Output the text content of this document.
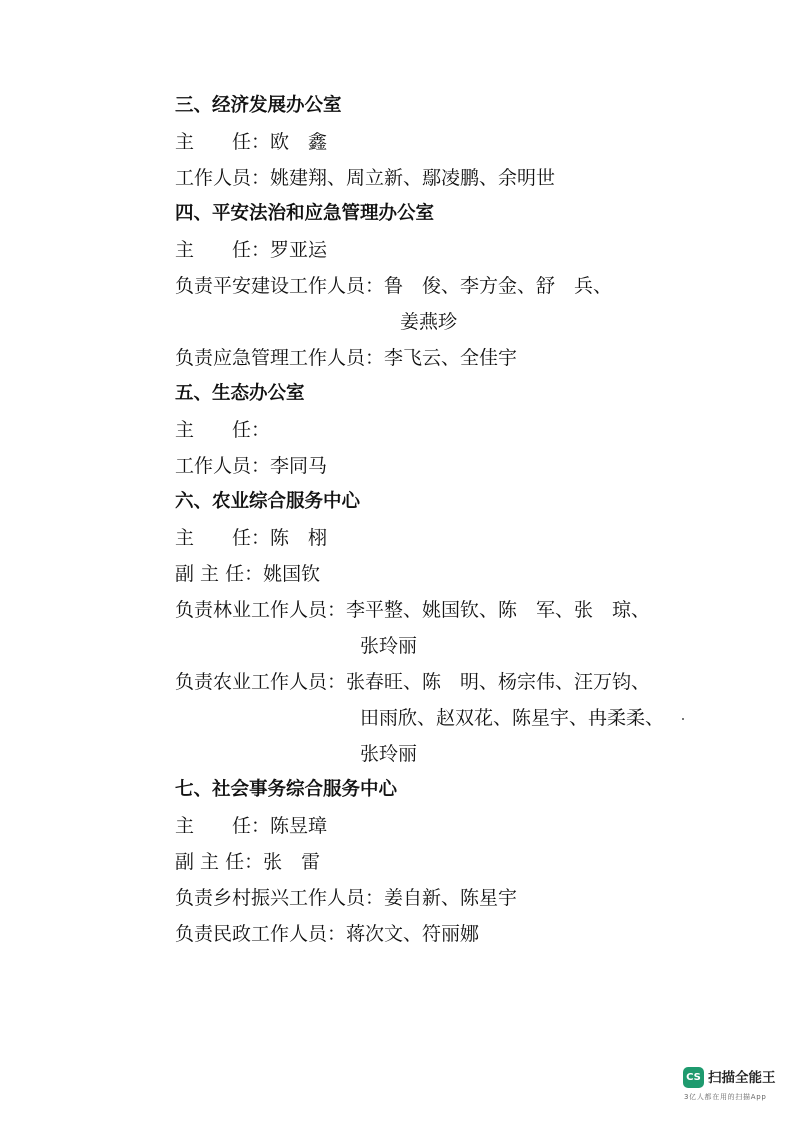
三、经济发展办公室
主　　任：欧　鑫
工作人员：姚建翔、周立新、鄢凌鹏、余明世
四、平安法治和应急管理办公室
主　　任：罗亚运
负责平安建设工作人员：鲁　俊、李方金、舒　兵、
姜燕珍
负责应急管理工作人员：李飞云、全佳宇
五、生态办公室
主　　任：
工作人员：李同马
六、农业综合服务中心
主　　任：陈　栩
副 主 任：姚国钦
负责林业工作人员：李平整、姚国钦、陈　军、张　琼、
张玲丽
负责农业工作人员：张春旺、陈　明、杨宗伟、汪万钧、
田雨欣、赵双花、陈星宇、冉柔柔、
张玲丽
七、社会事务综合服务中心
主　　任：陈昱璋
副 主 任：张　雷
负责乡村振兴工作人员：姜自新、陈星宇
负责民政工作人员：蒋次文、符丽娜
CS 扫描全能王
3亿人都在用的扫描App
